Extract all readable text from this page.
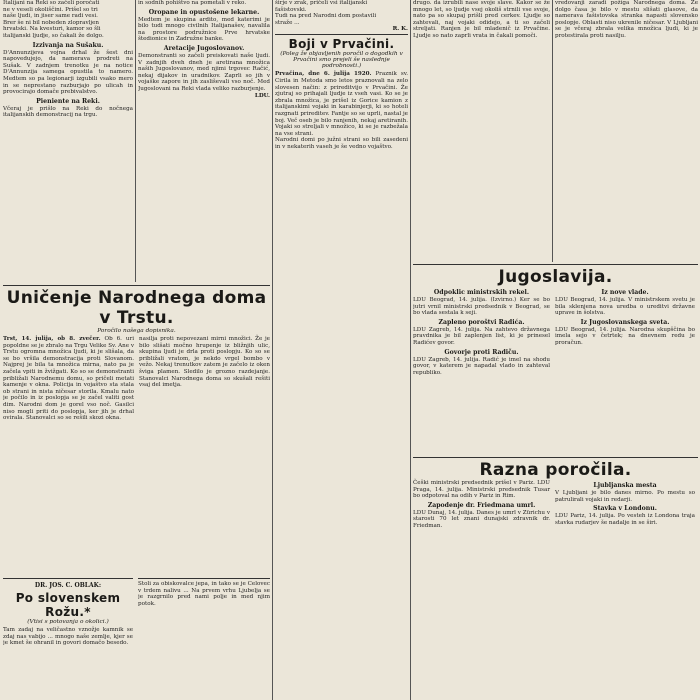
Italijani na Reki so začeli poročati

ne v veseli okoliščini. Prišel so tri

naše ljudi, in jiser same radi vesi.

Brer še ni bil nobeden zlopravljen

hrvatski. Na kvesturi, kamor so šli

italijanski ljudje, so čakali že dolgo.

Izzivanja na Sušaku.

D'Annunzijeva vojna drhal že šest dni napovedujejo, da namerava prodreti na Sušak. V zadnjem trenotku je na notice D'Annunzija samega opustila to namero. Medtem so pa legionarji izgubili vsako mero in se neprestano razburjajo po ulicah in provocirajo domače prebivalstvo.

Pieniente na Reki.

Včeraj je prišlo na Reki do nočnega italijanskih demonstracij na trgu.

Uničenje Narodnega doma v Trstu.
Poročilo našega dopisnika.

Trst, 14. julija, ob 8. zvečer. Ob 6. uri popoldne se je zbralo na Trgu Velike Sv. Ane v Trstu ogromna množica ljudi, ki je slišala, da se bo vršila demonstracija proti Slovanom. Najprej je bila ta množica mirna, nato pa je začela vpiti in žvižgati. Ko so se demonstranti približali Narodnemu domu, so pričeli metati kamenje v okna. Policija in vojaštvo sta stala ob strani in nista ničesar storila. Kmalu nato je počilo in iz poslopja se je začel valiti gost dim. Narodni dom je gorel vso noč. Gasilci niso mogli priti do poslopja, ker jih je drhal ovirala. Stanovalci so se rešili skozi okna.

nasilja proti nepovezani mirni množici. Že je bilo slišati močno hrupenje iz bližnjih ulic, skupina ljudi je drla proti poslopju. Ko so se približali vratom, je nekdo vrgel bombo v vežo. Nekaj trenutkov zatem je začelo iz oken šviga plamen. Sledilo je grozno razdejanje. Stanovalci Narodnega doma so skušali rešiti vsaj del imetja.

DR. JOS. C. OBLAK:
Po slovenskem Rožu.*
(Vtisi s potovanja o okolici.)

Tam zadaj na veličastno vznožje kamnik se zdaj nas vabijo ... mnogo naše zemlje, kjer se je kmet še ohranil in govori domačo besedo.

in sodnih pohištvo na pometali v reko.

Oropane in opustošene lekarne.

Medtem je skupina ardito, med katerimi je bilo tudi mnogo civilnih Italijanašev, navalila na prostore podružnice Prve hrvatske štedionice in Zadružne banke.

Aretacije Jugoslovanov.

Demonstranti so začeli preiskovati naše ljudi. V zadnjih dveh dneh je aretirana množica naših Jugoslovanov, med njimi trgovec Račić, nekaj dijakov in uradnikov. Zaprli so jih v vojaške zapore in jih zasliševali vso noč. Med Jugoslovani na Reki vlada veliko razburjenje.

LDU.

Stoli za obiskovalce jepa, in tako se je Celovec v trdem nalivu ... Na prvem vrhu Ljubelja se je razgrnilo pred nami polje in med njim potok.

širje v zrak, pričeli vsi italijanski

fašistovski.

Tudi na pred Narodni dom postavili

straže ...

R. K.
Boji v Prvačini.
(Poleg že objavljenih poročil o dogodkih v Prvačini smo prejeli še naslednje podrobnosti.)

Prvačina, dne 6. julija 1920. Praznik sv. Cirila in Metoda smo letos praznovali na zelo slovesen način: z prireditvijo v Prvačini. Že zjutraj so prihajali ljudje iz vseh vasi. Ko se je zbrala množica, je prišel iz Gorice kamion z italijanskimi vojaki in karabinjerji, ki so hoteli razgnati prireditev. Fantje so se uprli, nastal je boj. Več oseb je bilo ranjenih, nekaj aretiranih. Vojaki so streljali v množico, ki se je razbežala na vse strani.

Narodni domi po južni strani so bili zasedeni in v nekaterih vaseh je še vedno vojaštvo.

drugo. da izrubili nase svoje slave. Kakor se že mnogo let, so ljudje vsej okoliš strnili vse svoje, nato pa so skupaj prišli pred cerkev. Ljudje so zahtevali, naj vojaki odidejo, a ti so začeli streljati. Ranjen je bil mladenič iz Prvačine. Ljudje so nato zaprli vrata in čakali pomoči.

Jugoslavija.
Odpoklic ministrskih rekel.

LDU Beograd, 14. julija. (Izvirno.) Ker se bo jutri vrnil ministrski predsednik v Beograd, se bo vlada sestala k seji.

Zapleno poroštvi Radića.

LDU Zagreb, 14. julija. Na zahtevo državnega pravdnika je bil zaplenjen list, ki je prinesel Radićev govor.

Govorje proti Radiču.

LDU Zagreb, 14. julija. Radić je imel na shodu govor, v katerem je napadal vlado in zahteval republiko.

Iz nove vlade.

LDU Beograd, 14. julija. V ministrskem svetu je bila sklenjena nova uredba o ureditvi državne uprave in šolstva.

Iz Jugoslovanskega sveta.

LDU Beograd, 14. julija. Narodna skupščina bo imela sejo v četrtek; na dnevnem redu je proračun.

Razna poročila.

Češki ministrski predsednik prišel v Pariz. LDU Praga, 14. julija. Ministrski predsednik Tusar bo odpotoval na odih v Pariz in Rim.

Zapodenje dr. Friedmana umrl.

LDU Dunaj, 14. julija. Danes je umrl v Zürichu v starosti 70 let znani dunajski zdravnik dr. Friedman.

Ljubljanska mesta

V Ljubljani je bilo danes mirno. Po mestu so patrulirali vojaki in redarji.

Stavka v Londonu.

LDU Pariz, 14. julija. Po vesteh iz Londona traja stavka rudarjev še nadalje in se širi.

vredovanji zaradi požiga Narodnega doma. Že dolgo časa je bilo v mestu slišati glasove, da namerava fašistovska stranka napasti slovensko poslopje. Oblasti niso ukrenile ničesar. V Ljubljani se je včeraj zbrala velika množica ljudi, ki je protestirala proti nasilju.
